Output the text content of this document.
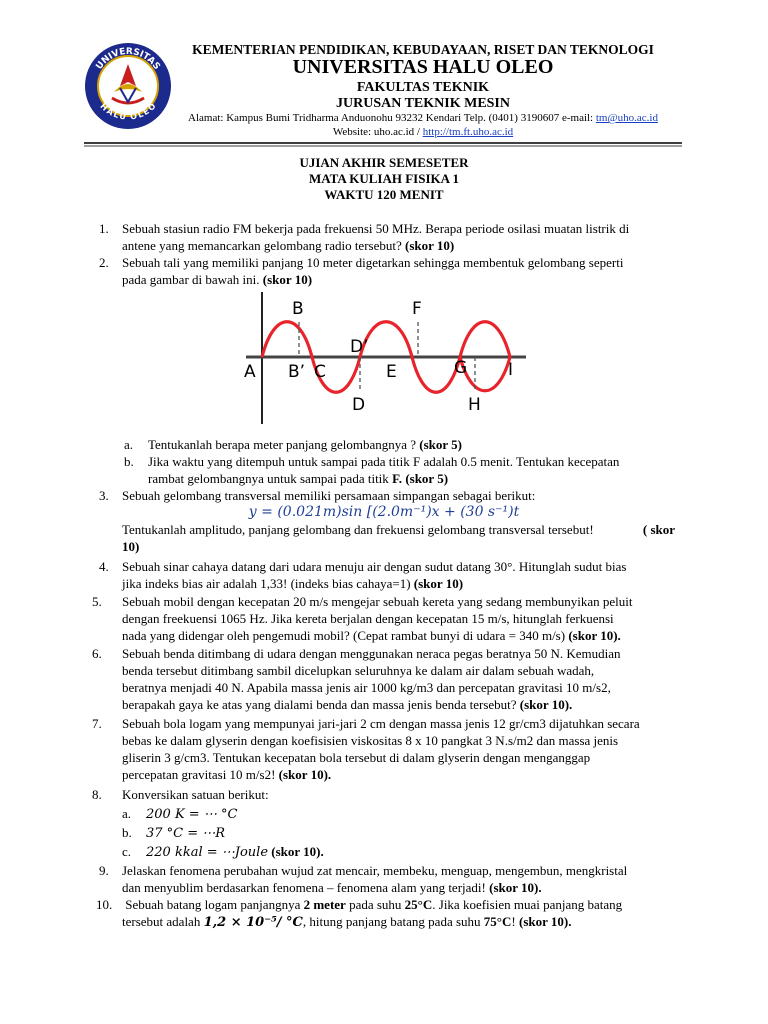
UNIVERSITAS
HALU OLEO
KEMENTERIAN PENDIDIKAN, KEBUDAYAAN, RISET DAN TEKNOLOGI
UNIVERSITAS HALU OLEO
FAKULTAS TEKNIK
JURUSAN TEKNIK MESIN
Alamat: Kampus Bumi Tridharma Anduonohu 93232 Kendari Telp. (0401) 3190607 e-mail: tm@uho.ac.id
Website: uho.ac.id / http://tm.ft.uho.ac.id
UJIAN AKHIR SEMESETER
MATA KULIAH FISIKA 1
WAKTU 120 MENIT
1. Sebuah stasiun radio FM bekerja pada frekuensi 50 MHz. Berapa periode osilasi muatan listrik di
antene yang memancarkan gelombang radio tersebut? (skor 10)
2. Sebuah tali yang memiliki panjang 10 meter digetarkan sehingga membentuk gelombang seperti
pada gambar di bawah ini. (skor 10)
A
B
B’ C
D’
D
E
F
G
H
I
a. Tentukanlah berapa meter panjang gelombangnya ? (skor 5)
b. Jika waktu yang ditempuh untuk sampai pada titik F adalah 0.5 menit. Tentukan kecepatan
rambat gelombangnya untuk sampai pada titik F. (skor 5)
3. Sebuah gelombang transversal memiliki persamaan simpangan sebagai berikut:
y = (0.021m)sin [(2.0m⁻¹)x + (30 s⁻¹)t
Tentukanlah amplitudo, panjang gelombang dan frekuensi gelombang transversal tersebut!	( skor
10)
4. Sebuah sinar cahaya datang dari udara menuju air dengan sudut datang 30°. Hitunglah sudut bias
jika indeks bias air adalah 1,33! (indeks bias cahaya=1) (skor 10)
5. Sebuah mobil dengan kecepatan 20 m/s mengejar sebuah kereta yang sedang membunyikan peluit
dengan freekuensi 1065 Hz. Jika kereta berjalan dengan kecepatan 15 m/s, hitunglah ferkuensi
nada yang didengar oleh pengemudi mobil? (Cepat rambat bunyi di udara = 340 m/s) (skor 10).
6. Sebuah benda ditimbang di udara dengan menggunakan neraca pegas beratnya 50 N. Kemudian
benda tersebut ditimbang sambil dicelupkan seluruhnya ke dalam air dalam sebuah wadah,
beratnya menjadi 40 N. Apabila massa jenis air 1000 kg/m3 dan percepatan gravitasi 10 m/s2,
berapakah gaya ke atas yang dialami benda dan massa jenis benda tersebut? (skor 10).
7. Sebuah bola logam yang mempunyai jari-jari 2 cm dengan massa jenis 12 gr/cm3 dijatuhkan secara
bebas ke dalam glyserin dengan koefisisien viskositas 8 x 10 pangkat 3 N.s/m2 dan massa jenis
gliserin 3 g/cm3. Tentukan kecepatan bola tersebut di dalam glyserin dengan menganggap
percepatan gravitasi 10 m/s2! (skor 10).
8. Konversikan satuan berikut:
a. 200 K = ⋯ °C
b. 37 °C = ⋯R
c. 220 kkal = ⋯Joule (skor 10).
9. Jelaskan fenomena perubahan wujud zat mencair, membeku, menguap, mengembun, mengkristal
dan menyublim berdasarkan fenomena – fenomena alam yang terjadi! (skor 10).
10. Sebuah batang logam panjangnya 2 meter pada suhu 25°C. Jika koefisien muai panjang batang
tersebut adalah 1,2 × 10⁻⁵/ °C, hitung panjang batang pada suhu 75°C! (skor 10).
